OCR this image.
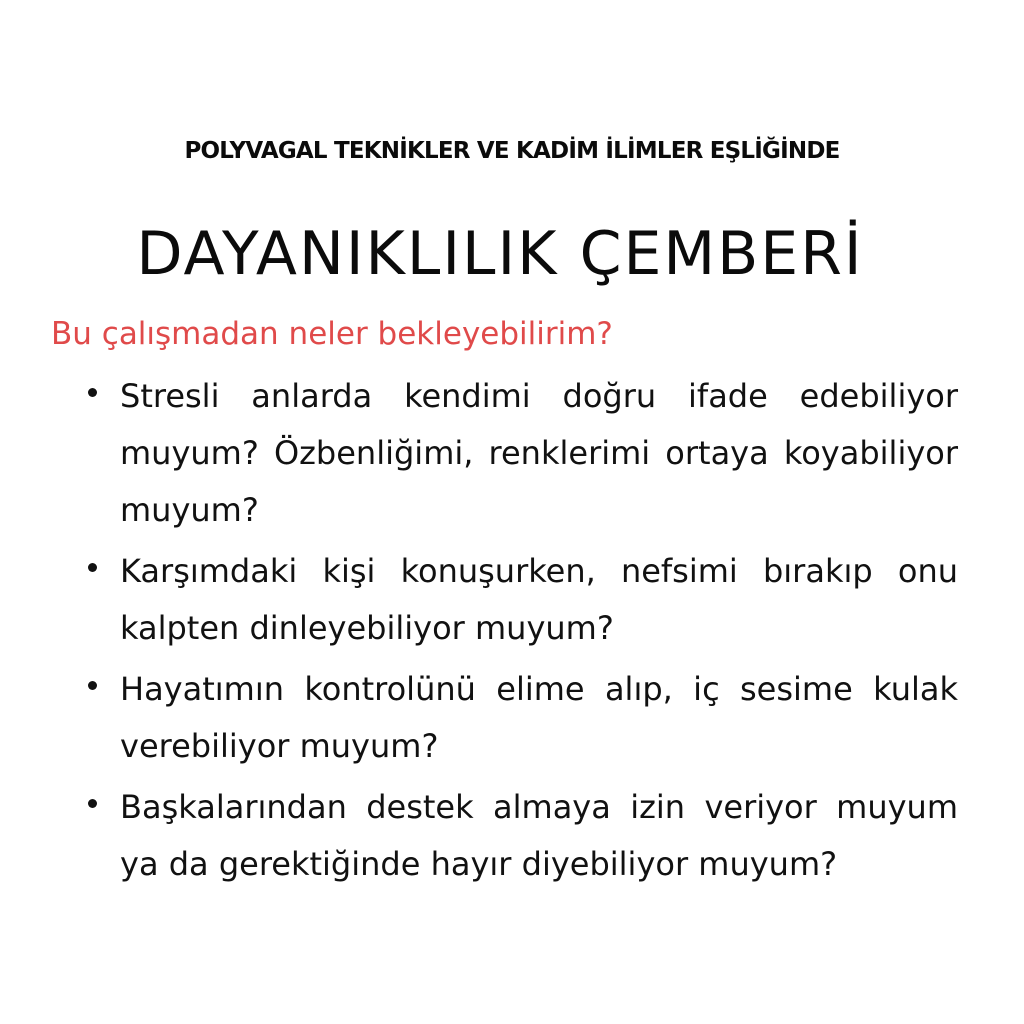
POLYVAGAL TEKNİKLER VE KADİM İLİMLER EŞLİĞİNDE
DAYANIKLILIK ÇEMBERİ
Bu çalışmadan neler bekleyebilirim?
Stresli anlarda kendimi doğru ifade edebiliyor muyum? Özbenliğimi, renklerimi ortaya koyabiliyor muyum?
Karşımdaki kişi konuşurken, nefsimi bırakıp onu kalpten dinleyebiliyor muyum?
Hayatımın kontrolünü elime alıp, iç sesime kulak verebiliyor muyum?
Başkalarından destek almaya izin veriyor muyum ya da gerektiğinde hayır diyebiliyor muyum?
